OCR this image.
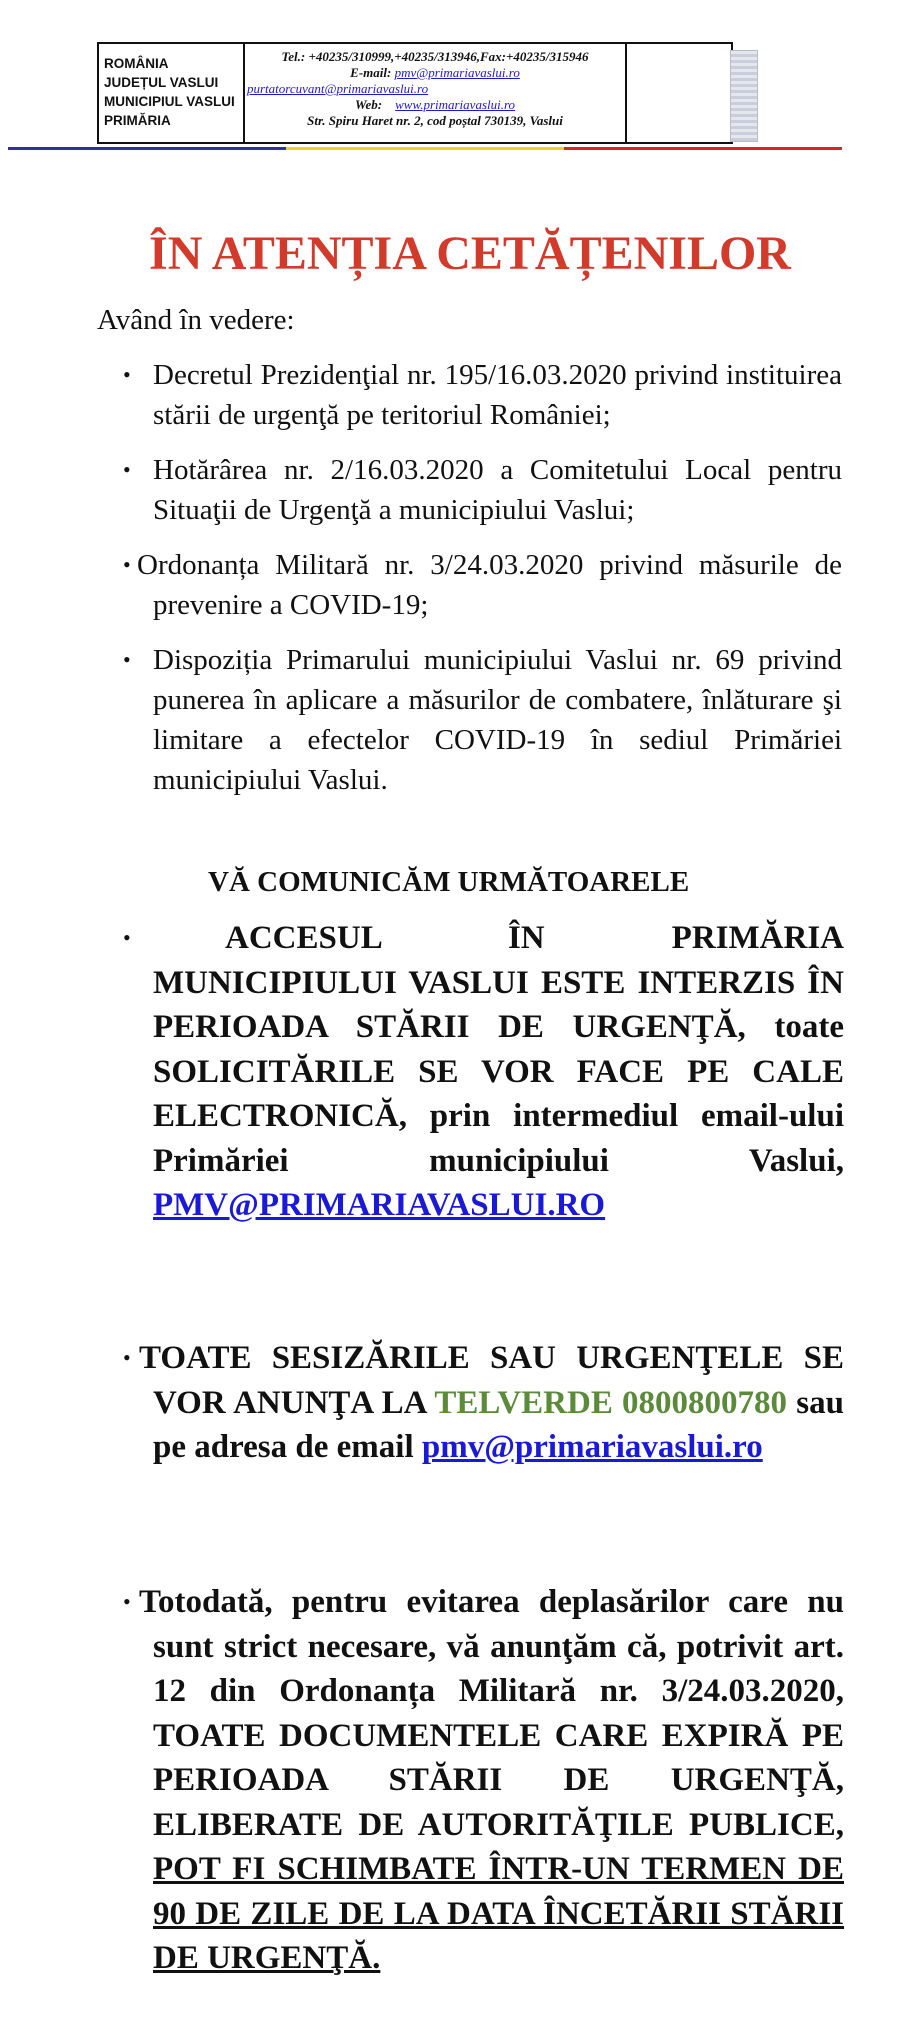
ROMÂNIA
JUDEȚUL VASLUI
MUNICIPIUL VASLUI
PRIMĂRIA
Tel.: +40235/310999,+40235/313946,Fax:+40235/315946
E-mail: pmv@primariavaslui.ro
purtatorcuvant@primariavaslui.ro
Web: www.primariavaslui.ro
Str. Spiru Haret nr. 2, cod poștal 730139, Vaslui
ÎN ATENȚIA CETĂȚENILOR
Având în vedere:
• Decretul Prezidenţial nr. 195/16.03.2020 privind instituirea stării de urgenţă pe teritoriul României;
• Hotărârea nr. 2/16.03.2020 a Comitetului Local pentru Situaţii de Urgenţă a municipiului Vaslui;
• Ordonanța Militară nr. 3/24.03.2020 privind măsurile de prevenire a COVID-19;
• Dispoziția Primarului municipiului Vaslui nr. 69 privind punerea în aplicare a măsurilor de combatere, înlăturare şi limitare a efectelor COVID-19 în sediul Primăriei municipiului Vaslui.
VĂ COMUNICĂM URMĂTOARELE
•	ACCESUL ÎN PRIMĂRIA MUNICIPIULUI VASLUI ESTE INTERZIS ÎN PERIOADA STĂRII DE URGENŢĂ, toate SOLICITĂRILE SE VOR FACE PE CALE ELECTRONICĂ, prin intermediul email-ului Primăriei municipiului Vaslui, PMV@PRIMARIAVASLUI.RO
• TOATE SESIZĂRILE SAU URGENŢELE SE VOR ANUNŢA LA TELVERDE 0800800780 sau pe adresa de email pmv@primariavaslui.ro
• Totodată, pentru evitarea deplasărilor care nu sunt strict necesare, vă anunţăm că, potrivit art. 12 din Ordonanța Militară nr. 3/24.03.2020, TOATE DOCUMENTELE CARE EXPIRĂ PE PERIOADA STĂRII DE URGENŢĂ, ELIBERATE DE AUTORITĂŢILE PUBLICE, POT FI SCHIMBATE ÎNTR-UN TERMEN DE 90 DE ZILE DE LA DATA ÎNCETĂRII STĂRII DE URGENŢĂ.
